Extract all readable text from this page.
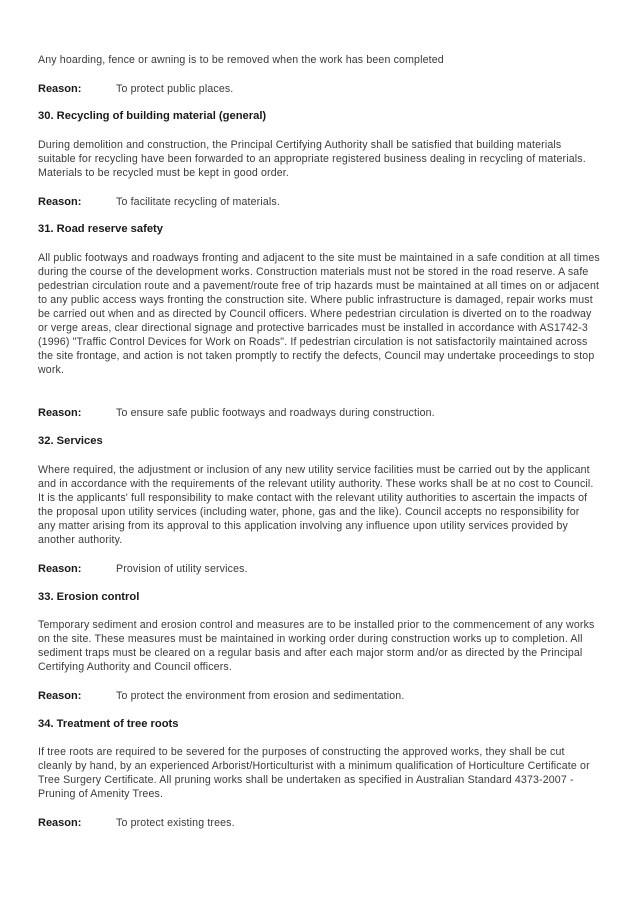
Any hoarding, fence or awning is to be removed when the work has been completed

Reason:	To protect public places.
30. Recycling of building material (general)

During demolition and construction, the Principal Certifying Authority shall be satisfied that building materials suitable for recycling have been forwarded to an appropriate registered business dealing in recycling of materials. Materials to be recycled must be kept in good order.

Reason:	To facilitate recycling of materials.
31. Road reserve safety

All public footways and roadways fronting and adjacent to the site must be maintained in a safe condition at all times during the course of the development works. Construction materials must not be stored in the road reserve. A safe pedestrian circulation route and a pavement/route free of trip hazards must be maintained at all times on or adjacent to any public access ways fronting the construction site. Where public infrastructure is damaged, repair works must be carried out when and as directed by Council officers. Where pedestrian circulation is diverted on to the roadway or verge areas, clear directional signage and protective barricades must be installed in accordance with AS1742-3 (1996) "Traffic Control Devices for Work on Roads". If pedestrian circulation is not satisfactorily maintained across the site frontage, and action is not taken promptly to rectify the defects, Council may undertake proceedings to stop work.

Reason:	To ensure safe public footways and roadways during construction.
32. Services

Where required, the adjustment or inclusion of any new utility service facilities must be carried out by the applicant and in accordance with the requirements of the relevant utility authority. These works shall be at no cost to Council. It is the applicants' full responsibility to make contact with the relevant utility authorities to ascertain the impacts of the proposal upon utility services (including water, phone, gas and the like). Council accepts no responsibility for any matter arising from its approval to this application involving any influence upon utility services provided by another authority.

Reason:	Provision of utility services.
33. Erosion control

Temporary sediment and erosion control and measures are to be installed prior to the commencement of any works on the site. These measures must be maintained in working order during construction works up to completion. All sediment traps must be cleared on a regular basis and after each major storm and/or as directed by the Principal Certifying Authority and Council officers.

Reason:	To protect the environment from erosion and sedimentation.
34. Treatment of tree roots

If tree roots are required to be severed for the purposes of constructing the approved works, they shall be cut cleanly by hand, by an experienced Arborist/Horticulturist with a minimum qualification of Horticulture Certificate or Tree Surgery Certificate. All pruning works shall be undertaken as specified in Australian Standard 4373-2007 - Pruning of Amenity Trees.

Reason:	To protect existing trees.
